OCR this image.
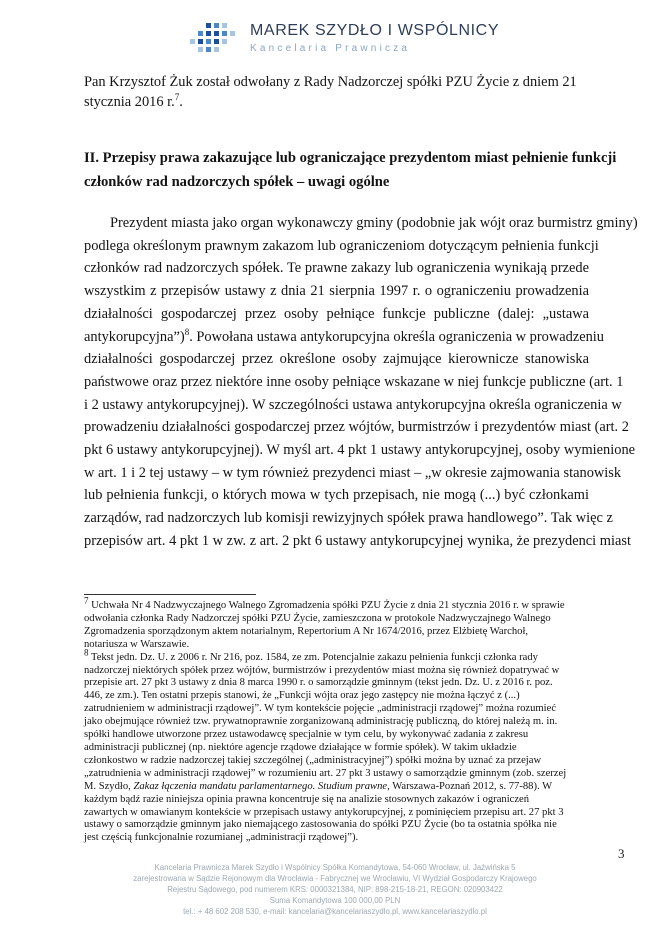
MAREK SZYDŁO I WSPÓLNICY
Kancelaria Prawnicza
Pan Krzysztof Żuk został odwołany z Rady Nadzorczej spółki PZU Życie z dniem 21
stycznia 2016 r.$^7$.
II. Przepisy prawa zakazujące lub ograniczające prezydentom miast pełnienie funkcji
członków rad nadzorczych spółek – uwagi ogólne
Prezydent miasta jako organ wykonawczy gminy (podobnie jak wójt oraz burmistrz gminy)
podlega określonym prawnym zakazom lub ograniczeniom dotyczącym pełnienia funkcji
członków rad nadzorczych spółek. Te prawne zakazy lub ograniczenia wynikają przede
wszystkim z przepisów ustawy z dnia 21 sierpnia 1997 r. o ograniczeniu prowadzenia
działalności gospodarczej przez osoby pełniące funkcje publiczne (dalej: „ustawa
antykorupcyjna”)$^8$. Powołana ustawa antykorupcyjna określa ograniczenia w prowadzeniu
działalności gospodarczej przez określone osoby zajmujące kierownicze stanowiska
państwowe oraz przez niektóre inne osoby pełniące wskazane w niej funkcje publiczne (art. 1
i 2 ustawy antykorupcyjnej). W szczególności ustawa antykorupcyjna określa ograniczenia w
prowadzeniu działalności gospodarczej przez wójtów, burmistrzów i prezydentów miast (art. 2
pkt 6 ustawy antykorupcyjnej). W myśl art. 4 pkt 1 ustawy antykorupcyjnej, osoby wymienione
w art. 1 i 2 tej ustawy – w tym również prezydenci miast – „w okresie zajmowania stanowisk
lub pełnienia funkcji, o których mowa w tych przepisach, nie mogą (...) być członkami
zarządów, rad nadzorczych lub komisji rewizyjnych spółek prawa handlowego”. Tak więc z
przepisów art. 4 pkt 1 w zw. z art. 2 pkt 6 ustawy antykorupcyjnej wynika, że prezydenci miast
$^7$ Uchwała Nr 4 Nadzwyczajnego Walnego Zgromadzenia spółki PZU Życie z dnia 21 stycznia 2016 r. w sprawie
odwołania członka Rady Nadzorczej spółki PZU Życie, zamieszczona w protokole Nadzwyczajnego Walnego
Zgromadzenia sporządzonym aktem notarialnym, Repertorium A Nr 1674/2016, przez Elżbietę Warchoł,
notariusza w Warszawie.
$^8$ Tekst jedn. Dz. U. z 2006 r. Nr 216, poz. 1584, ze zm. Potencjalnie zakazu pełnienia funkcji członka rady
nadzorczej niektórych spółek przez wójtów, burmistrzów i prezydentów miast można się również dopatrywać w
przepisie art. 27 pkt 3 ustawy z dnia 8 marca 1990 r. o samorządzie gminnym (tekst jedn. Dz. U. z 2016 r. poz.
446, ze zm.). Ten ostatni przepis stanowi, że „Funkcji wójta oraz jego zastępcy nie można łączyć z (...)
zatrudnieniem w administracji rządowej”. W tym kontekście pojęcie „administracji rządowej” można rozumieć
jako obejmujące również tzw. prywatnoprawnie zorganizowaną administrację publiczną, do której należą m. in.
spółki handlowe utworzone przez ustawodawcę specjalnie w tym celu, by wykonywać zadania z zakresu
administracji publicznej (np. niektóre agencje rządowe działające w formie spółek). W takim układzie
członkostwo w radzie nadzorczej takiej szczególnej („administracyjnej”) spółki można by uznać za przejaw
„zatrudnienia w administracji rządowej” w rozumieniu art. 27 pkt 3 ustawy o samorządzie gminnym (zob. szerzej
M. Szydło, Zakaz łączenia mandatu parlamentarnego. Studium prawne, Warszawa-Poznań 2012, s. 77-88). W
każdym bądź razie niniejsza opinia prawna koncentruje się na analizie stosownych zakazów i ograniczeń
zawartych w omawianym kontekście w przepisach ustawy antykorupcyjnej, z pominięciem przepisu art. 27 pkt 3
ustawy o samorządzie gminnym jako niemającego zastosowania do spółki PZU Życie (bo ta ostatnia spółka nie
jest częścią funkcjonalnie rozumianej „administracji rządowej”).
3
Kancelaria Prawnicza Marek Szydło i Wspólnicy Spółka Komandytowa, 54-060 Wrocław, ul. Jaźwińska 5
zarejestrowana w Sądzie Rejonowym dla Wrocławia - Fabrycznej we Wrocławiu, VI Wydział Gospodarczy Krajowego
Rejestru Sądowego, pod numerem KRS: 0000321384, NIP: 898-215-18-21, REGON: 020903422
Suma Komandytowa 100 000,00 PLN
tel.: + 48 602 208 530, e-mail: kancelaria@kancelariaszydlo.pl, www.kancelariaszydlo.pl
